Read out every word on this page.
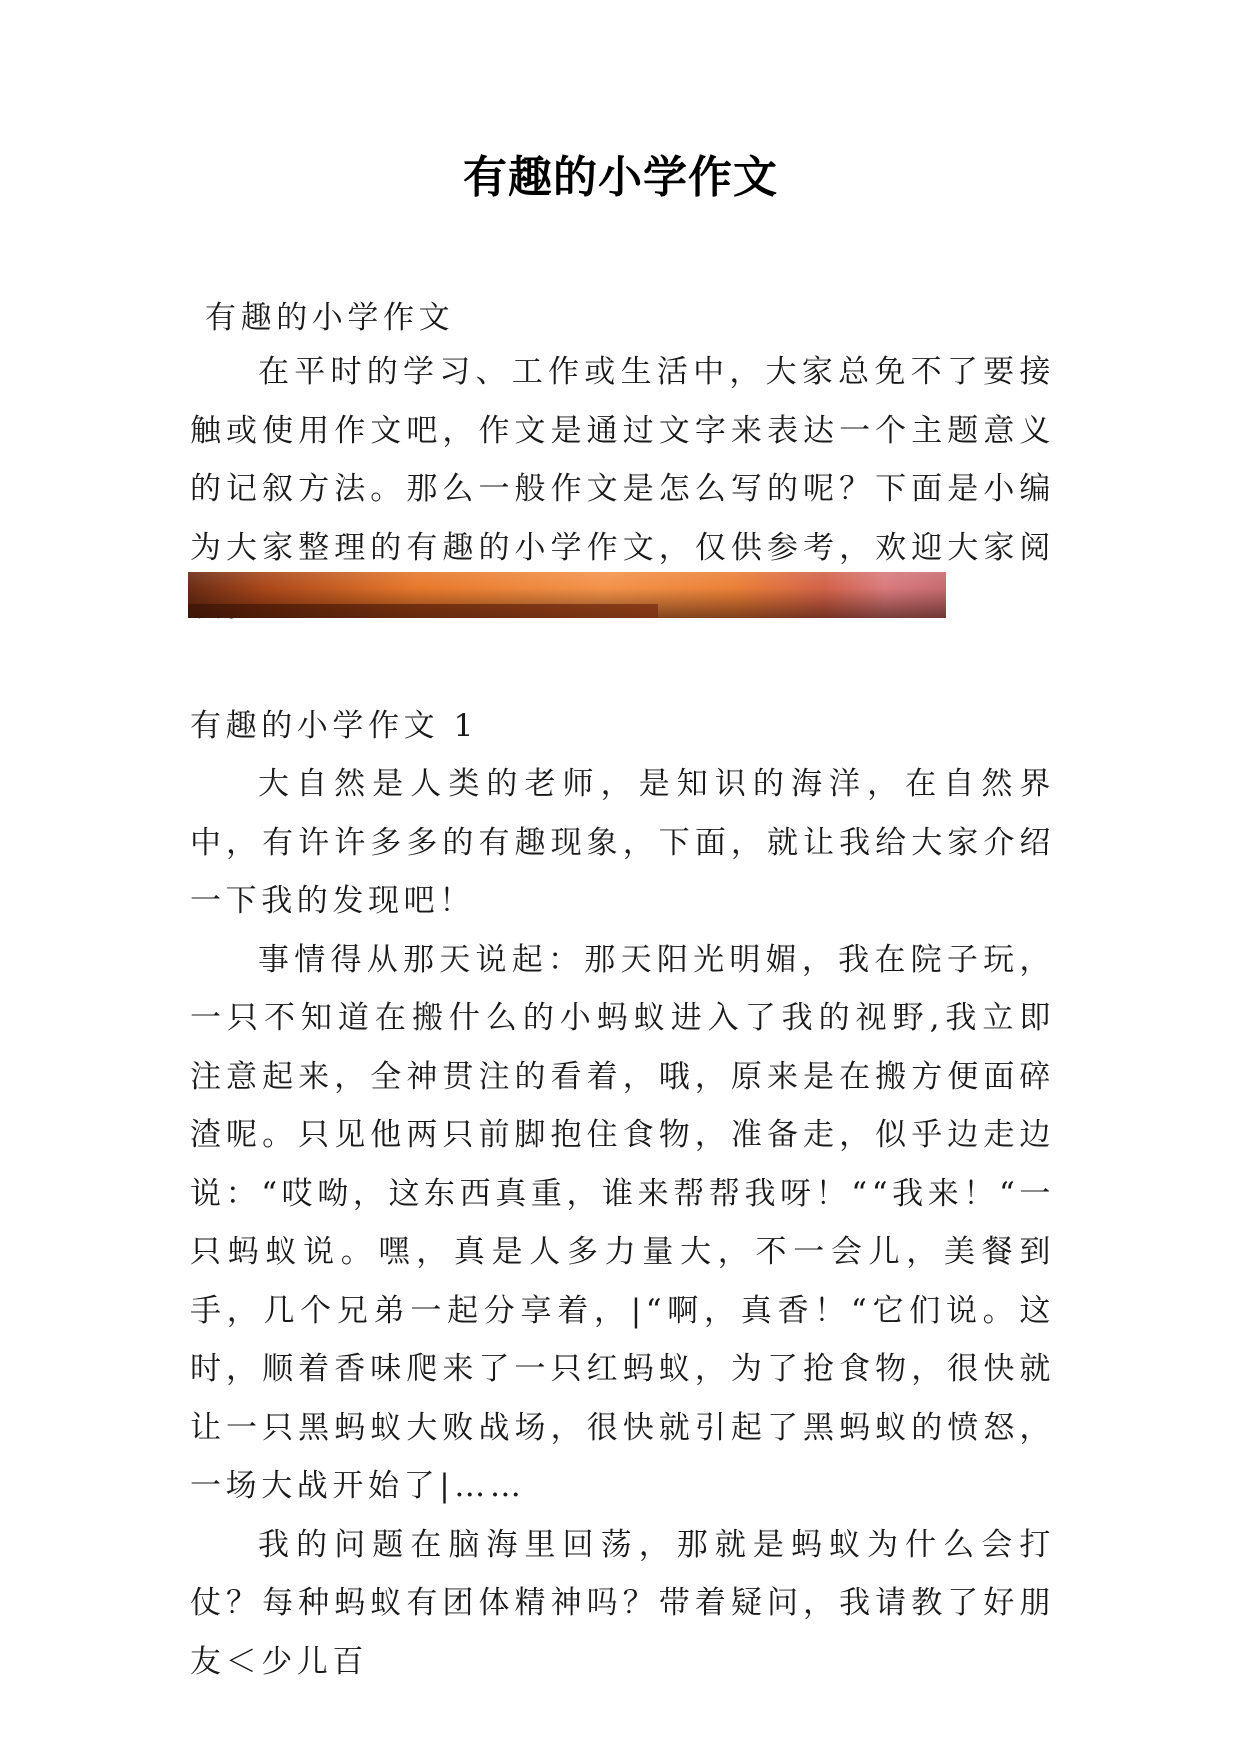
有趣的小学作文
有趣的小学作文

在平时的学习、工作或生活中，大家总免不了要接触或使用作文吧，作文是通过文字来表达一个主题意义的记叙方法。那么一般作文是怎么写的呢？下面是小编为大家整理的有趣的小学作文，仅供参考，欢迎大家阅

有趣的小学作文 1

大自然是人类的老师，是知识的海洋，在自然界中，有许许多多的有趣现象，下面，就让我给大家介绍一下我的发现吧！

事情得从那天说起：那天阳光明媚，我在院子玩，一只不知道在搬什么的小蚂蚁进入了我的视野,我立即注意起来，全神贯注的看着，哦，原来是在搬方便面碎渣呢。只见他两只前脚抱住食物，准备走，似乎边走边说：“哎呦，这东西真重，谁来帮帮我呀！““我来！“一只蚂蚁说。嘿，真是人多力量大，不一会儿，美餐到手，几个兄弟一起分享着，|“啊，真香！“它们说。这时，顺着香味爬来了一只红蚂蚁，为了抢食物，很快就让一只黑蚂蚁大败战场，很快就引起了黑蚂蚁的愤怒，一场大战开始了|……

我的问题在脑海里回荡，那就是蚂蚁为什么会打仗？每种蚂蚁有团体精神吗？带着疑问，我请教了好朋友＜少儿百
